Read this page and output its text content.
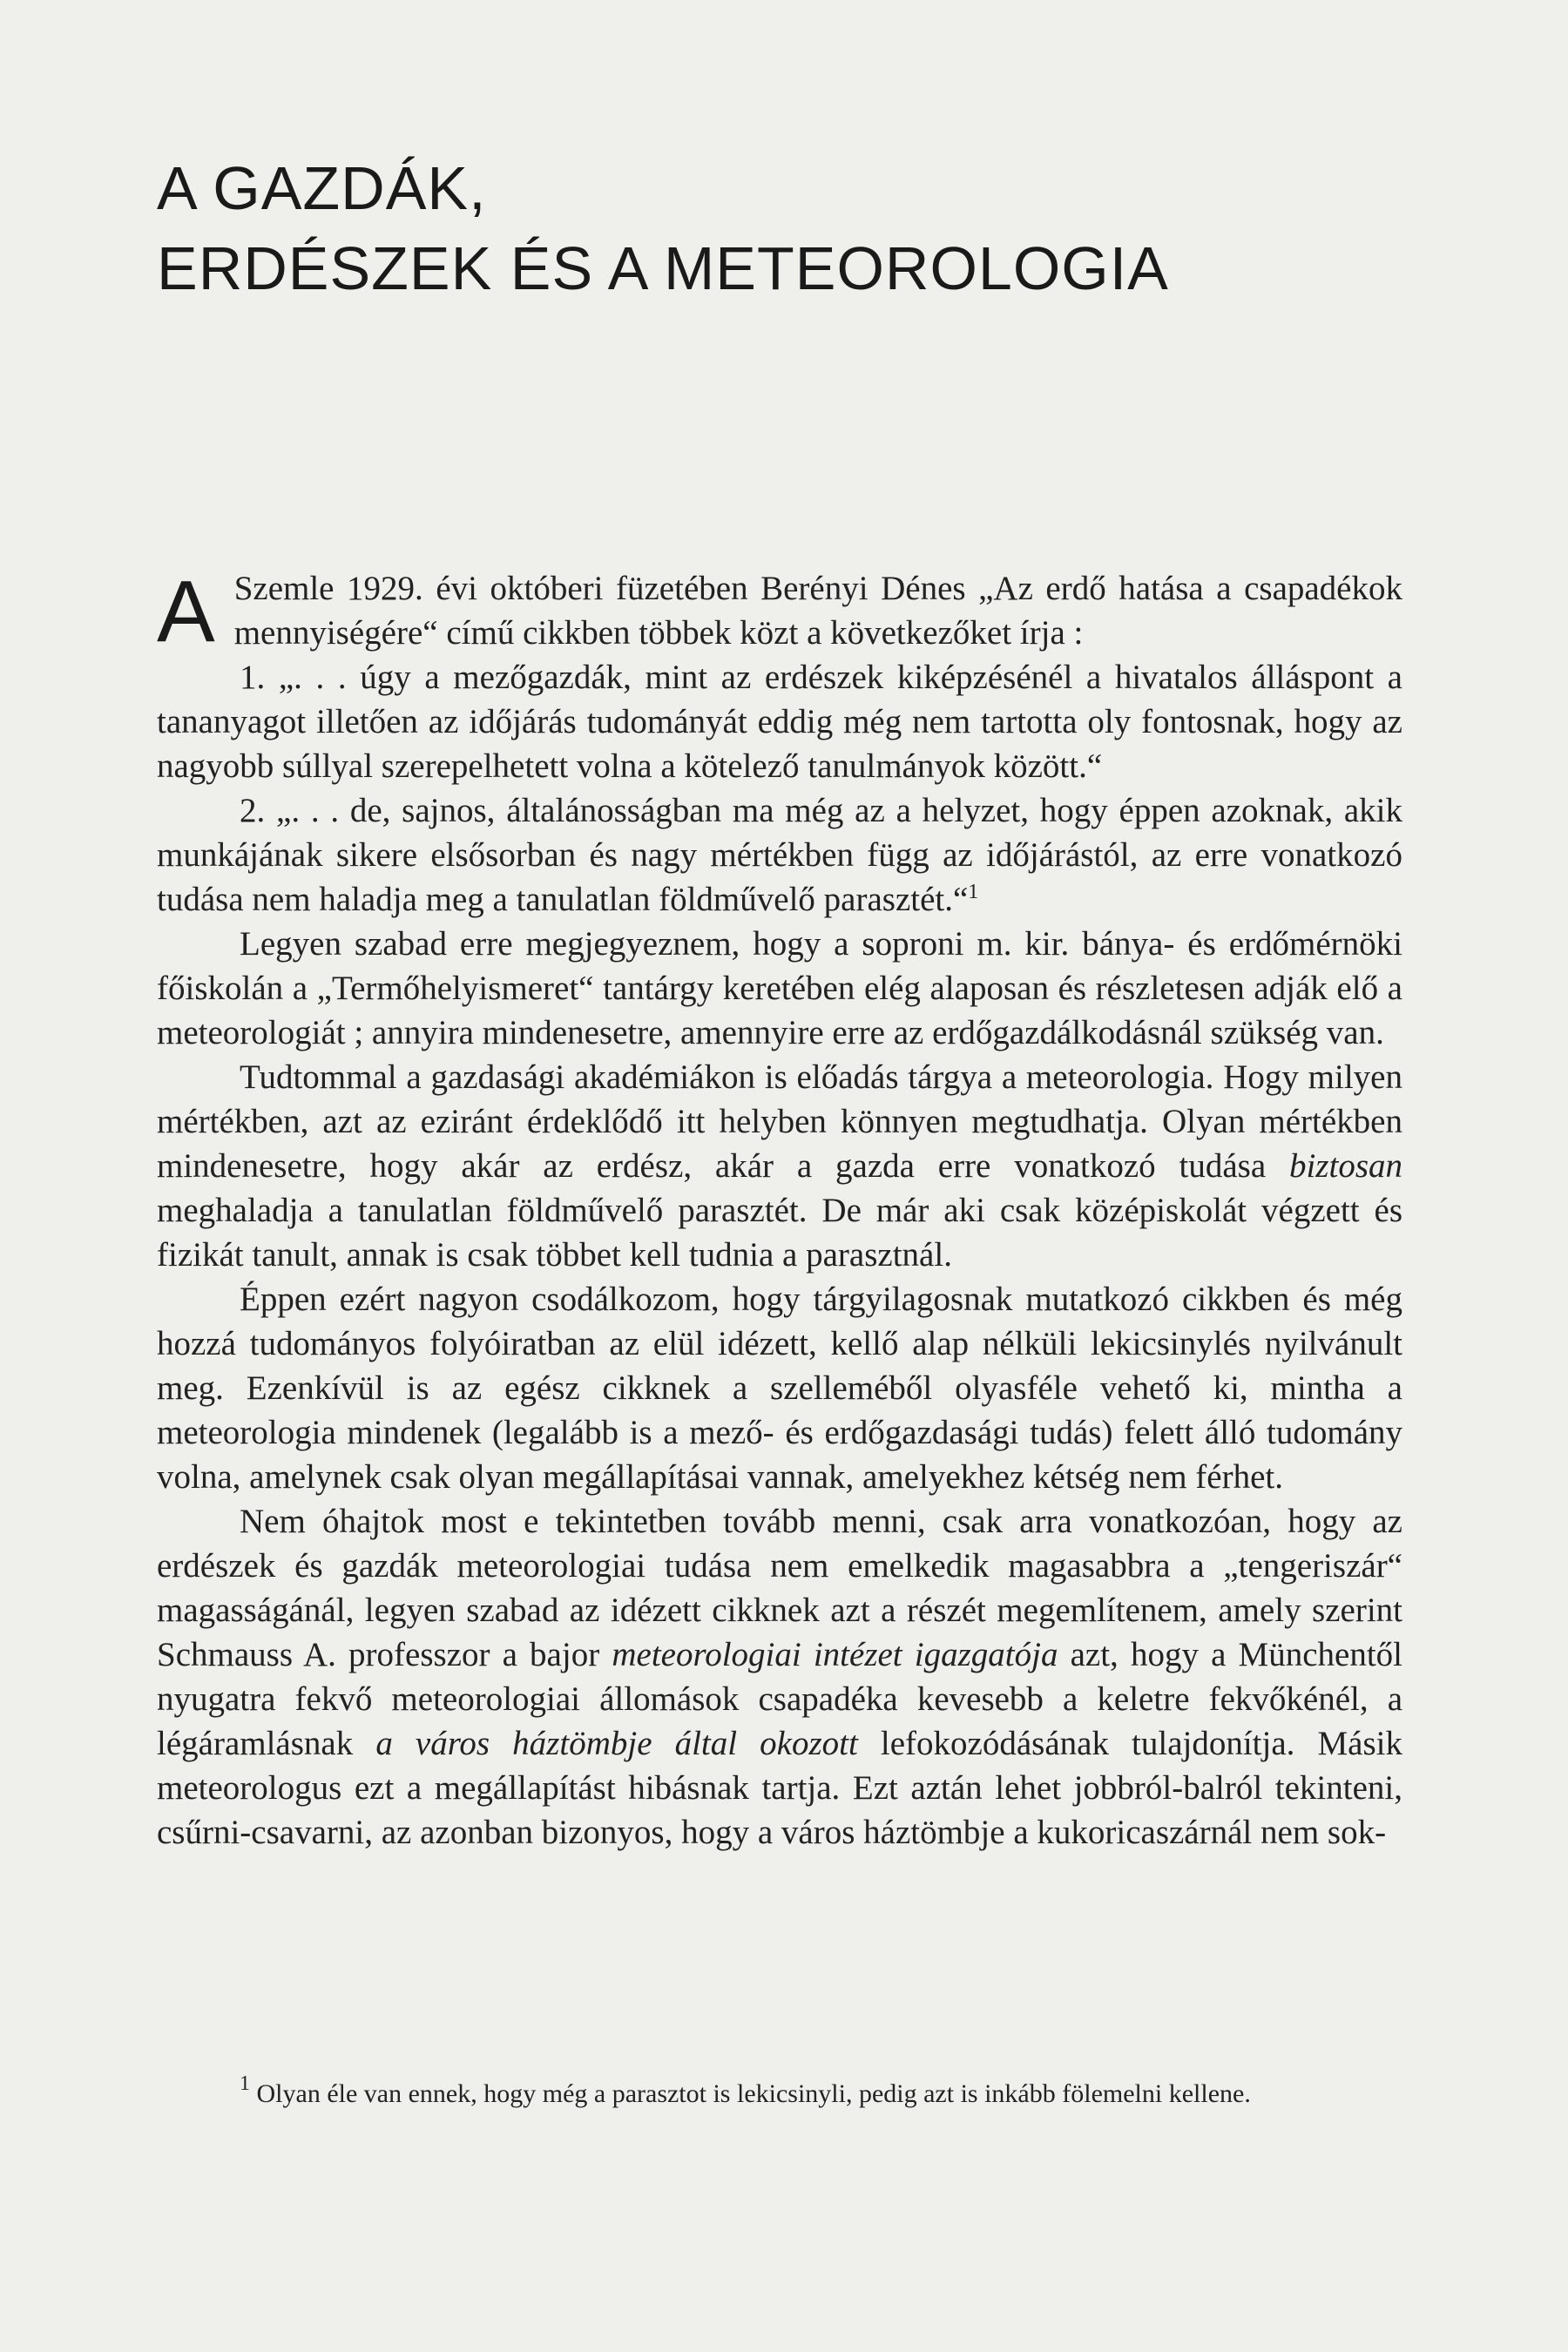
A GAZDÁK,
ERDÉSZEK ÉS A METEOROLOGIA

A Szemle 1929. évi októberi füzetében Berényi Dénes „Az erdő hatása a csapadékok mennyiségére“ című cikkben többek közt a következőket írja :

1. „. . . úgy a mezőgazdák, mint az erdészek kiképzésénél a hivatalos álláspont a tananyagot illetően az időjárás tudományát eddig még nem tartotta oly fontosnak, hogy az nagyobb súllyal szerepelhetett volna a kötelező tanulmányok között.“

2. „. . . de, sajnos, általánosságban ma még az a helyzet, hogy éppen azoknak, akik munkájának sikere elsősorban és nagy mértékben függ az időjárástól, az erre vonatkozó tudása nem haladja meg a tanulatlan földművelő parasztét.“$^1$

Legyen szabad erre megjegyeznem, hogy a soproni m. kir. bánya- és erdőmérnöki főiskolán a „Termőhelyismeret“ tantárgy keretében elég alaposan és részletesen adják elő a meteorologiát ; annyira mindenesetre, amennyire erre az erdőgazdálkodásnál szükség van.

Tudtommal a gazdasági akadémiákon is előadás tárgya a meteorologia. Hogy milyen mértékben, azt az eziránt érdeklődő itt helyben könnyen megtudhatja. Olyan mértékben mindenesetre, hogy akár az erdész, akár a gazda erre vonatkozó tudása biztosan meghaladja a tanulatlan földművelő parasztét. De már aki csak középiskolát végzett és fizikát tanult, annak is csak többet kell tudnia a parasztnál.

Éppen ezért nagyon csodálkozom, hogy tárgyilagosnak mutatkozó cikkben és még hozzá tudományos folyóiratban az elül idézett, kellő alap nélküli lekicsinylés nyilvánult meg. Ezenkívül is az egész cikknek a szelleméből olyasféle vehető ki, mintha a meteorologia mindenek (legalább is a mező- és erdőgazdasági tudás) felett álló tudomány volna, amelynek csak olyan megállapításai vannak, amelyekhez kétség nem férhet.

Nem óhajtok most e tekintetben tovább menni, csak arra vonatkozóan, hogy az erdészek és gazdák meteorologiai tudása nem emelkedik magasabbra a „tengeriszár“ magasságánál, legyen szabad az idézett cikknek azt a részét megemlítenem, amely szerint Schmauss A. professzor a bajor meteorologiai intézet igazgatója azt, hogy a Münchentől nyugatra fekvő meteorologiai állomások csapadéka kevesebb a keletre fekvőkénél, a légáramlásnak a város háztömbje által okozott lefokozódásának tulajdonítja. Másik meteorologus ezt a megállapítást hibásnak tartja. Ezt aztán lehet jobbról-balról tekinteni, csűrni-csavarni, az azonban bizonyos, hogy a város háztömbje a kukoricaszárnál nem sok-

$^1$ Olyan éle van ennek, hogy még a parasztot is lekicsinyli, pedig azt is inkább fölemelni kellene.
